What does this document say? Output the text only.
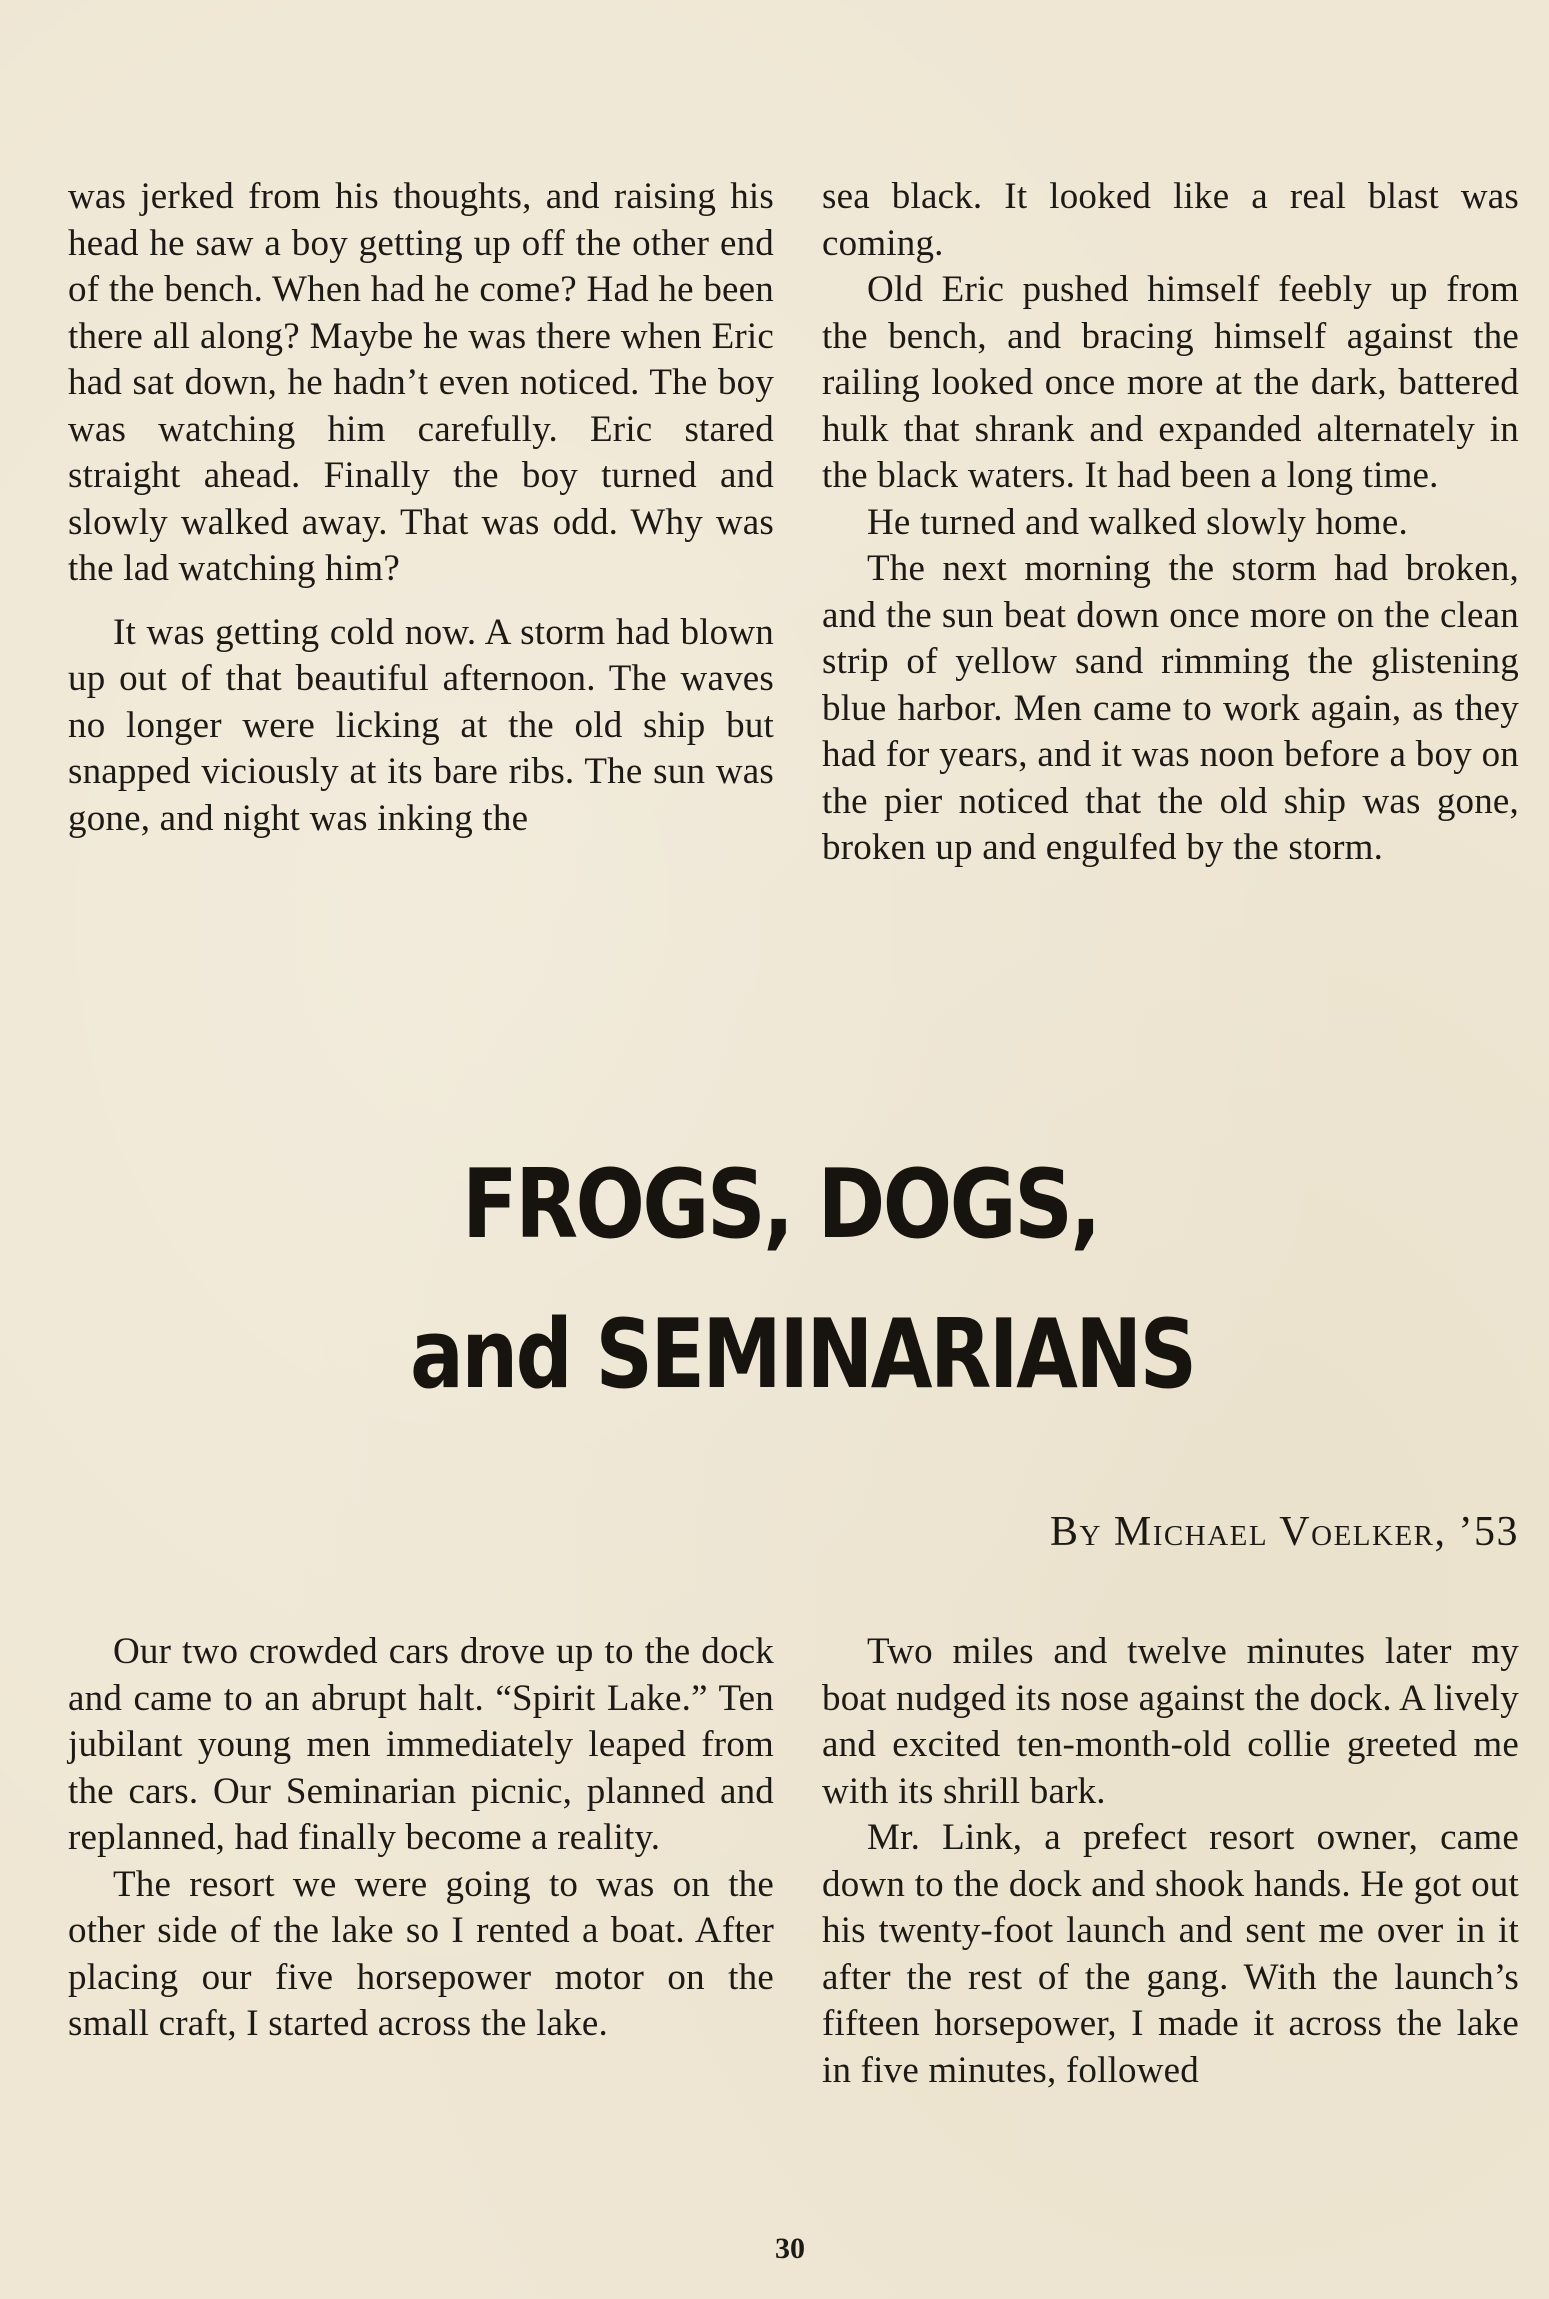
was jerked from his thoughts, and raising his head he saw a boy getting up off the other end of the bench. When had he come? Had he been there all along? Maybe he was there when Eric had sat down, he hadn’t even noticed. The boy was watching him carefully. Eric stared straight ahead. Finally the boy turned and slowly walked away. That was odd. Why was the lad watching him?

It was getting cold now. A storm had blown up out of that beautiful afternoon. The waves no longer were licking at the old ship but snapped viciously at its bare ribs. The sun was gone, and night was inking the

sea black. It looked like a real blast was coming.

Old Eric pushed himself feebly up from the bench, and bracing himself against the railing looked once more at the dark, battered hulk that shrank and expanded alternately in the black waters. It had been a long time.

He turned and walked slowly home.

The next morning the storm had broken, and the sun beat down once more on the clean strip of yellow sand rimming the glistening blue harbor. Men came to work again, as they had for years, and it was noon before a boy on the pier noticed that the old ship was gone, broken up and engulfed by the storm.

FROGS, DOGS,
and SEMINARIANS
By Michael Voelker, ’53

Our two crowded cars drove up to the dock and came to an abrupt halt. “Spirit Lake.” Ten jubilant young men immediately leaped from the cars. Our Seminarian picnic, planned and replanned, had finally become a reality.

The resort we were going to was on the other side of the lake so I rented a boat. After placing our five horsepower motor on the small craft, I started across the lake.

Two miles and twelve minutes later my boat nudged its nose against the dock. A lively and excited ten-month-old collie greeted me with its shrill bark.

Mr. Link, a prefect resort owner, came down to the dock and shook hands. He got out his twenty-foot launch and sent me over in it after the rest of the gang. With the launch’s fifteen horsepower, I made it across the lake in five minutes, followed

30
